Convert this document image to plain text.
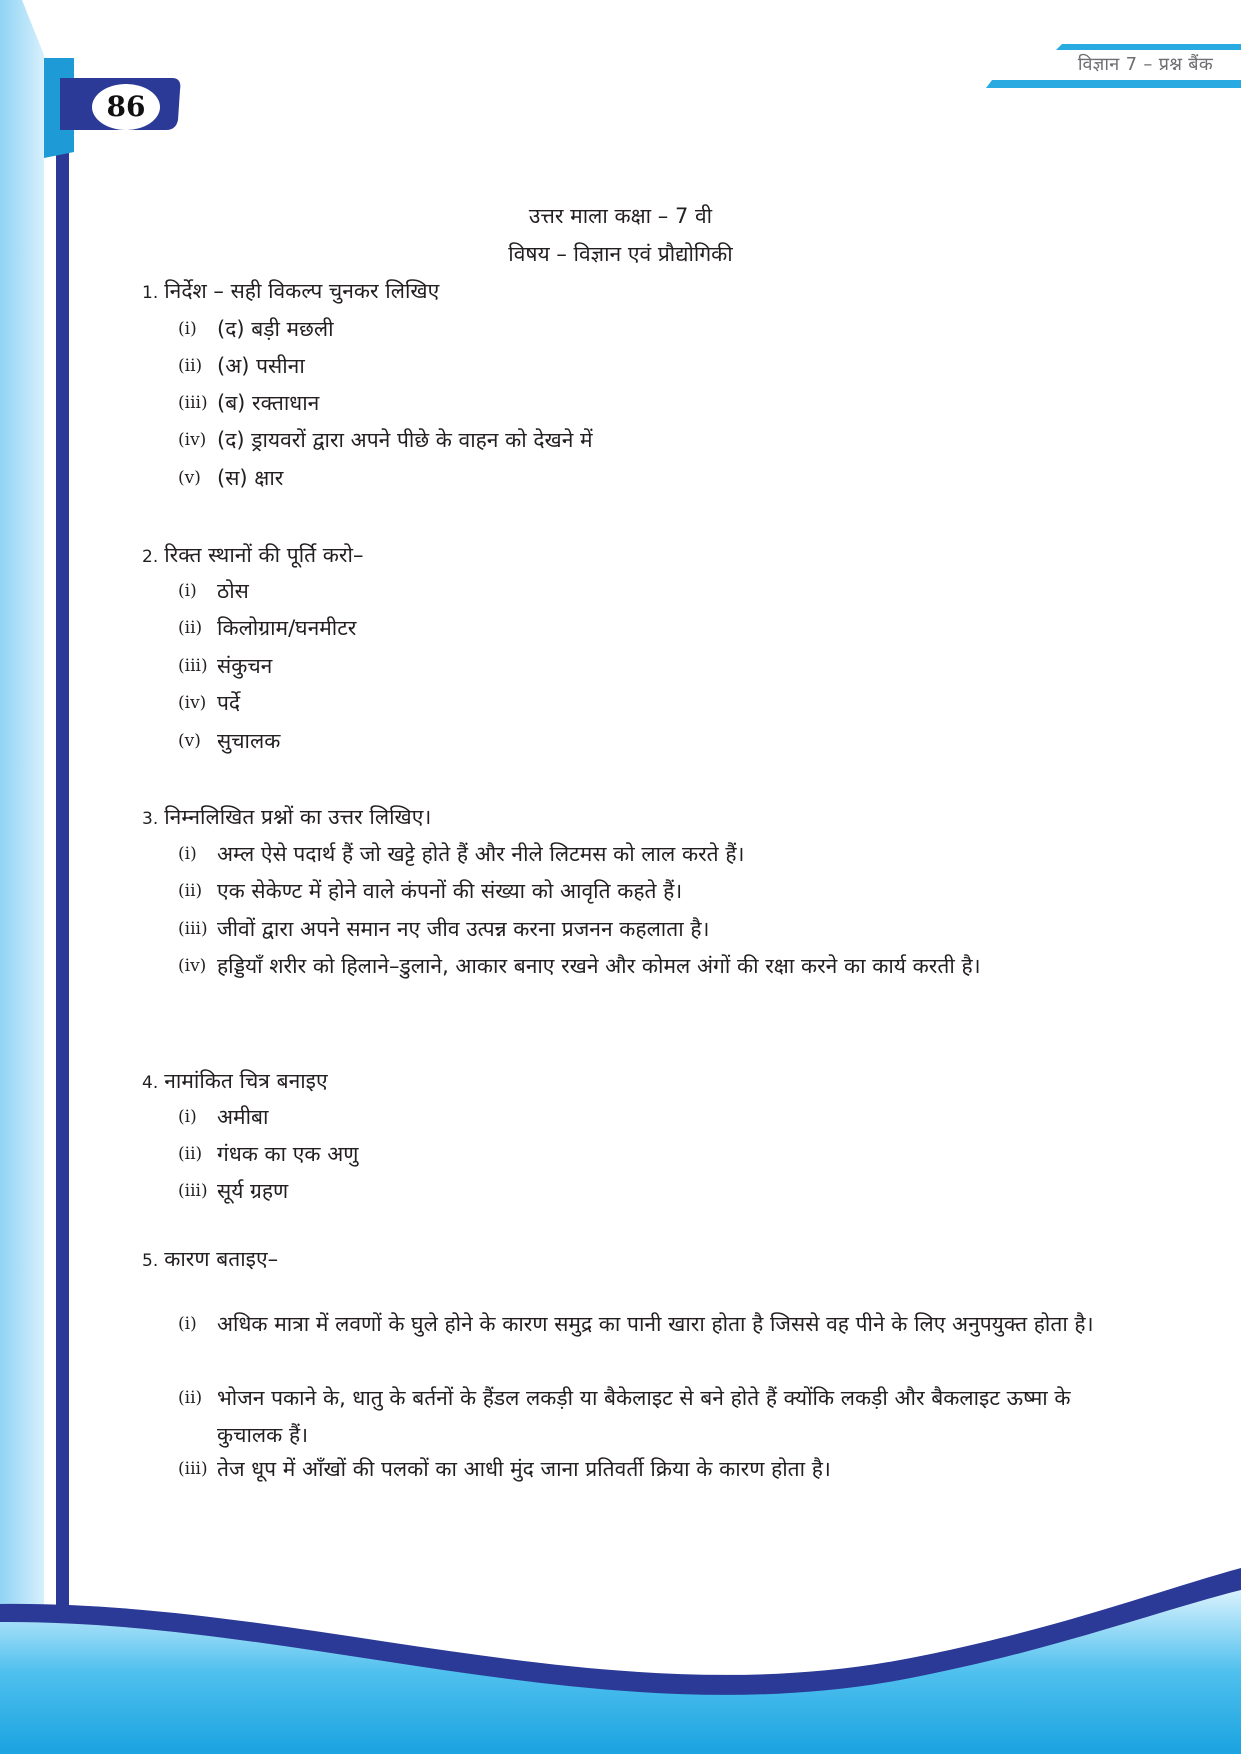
विज्ञान 7 – प्रश्न बैंक
86
उत्तर माला कक्षा – 7 वी
विषय – विज्ञान एवं प्रौद्योगिकी
1. निर्देश – सही विकल्प चुनकर लिखिए
(i) (द) बड़ी मछली
(ii) (अ) पसीना
(iii) (ब) रक्ताधान
(iv) (द) ड्रायवरों द्वारा अपने पीछे के वाहन को देखने में
(v) (स) क्षार
2. रिक्त स्थानों की पूर्ति करो–
(i) ठोस
(ii) किलोग्राम/घनमीटर
(iii) संकुचन
(iv) पर्दे
(v) सुचालक
3. निम्नलिखित प्रश्नों का उत्तर लिखिए।
(i) अम्ल ऐसे पदार्थ हैं जो खट्टे होते हैं और नीले लिटमस को लाल करते हैं।
(ii) एक सेकेण्ट में होने वाले कंपनों की संख्या को आवृति कहते हैं।
(iii) जीवों द्वारा अपने समान नए जीव उत्पन्न करना प्रजनन कहलाता है।
(iv) हड्डियाँ शरीर को हिलाने–डुलाने, आकार बनाए रखने और कोमल अंगों की रक्षा करने का कार्य करती है।
4. नामांकित चित्र बनाइए
(i) अमीबा
(ii) गंधक का एक अणु
(iii) सूर्य ग्रहण
5. कारण बताइए–
(i) अधिक मात्रा में लवणों के घुले होने के कारण समुद्र का पानी खारा होता है जिससे वह पीने के लिए अनुपयुक्त होता है।
(ii) भोजन पकाने के, धातु के बर्तनों के हैंडल लकड़ी या बैकेलाइट से बने होते हैं क्योंकि लकड़ी और बैकलाइट ऊष्मा के कुचालक हैं।
(iii) तेज धूप में आँखों की पलकों का आधी मुंद जाना प्रतिवर्ती क्रिया के कारण होता है।
